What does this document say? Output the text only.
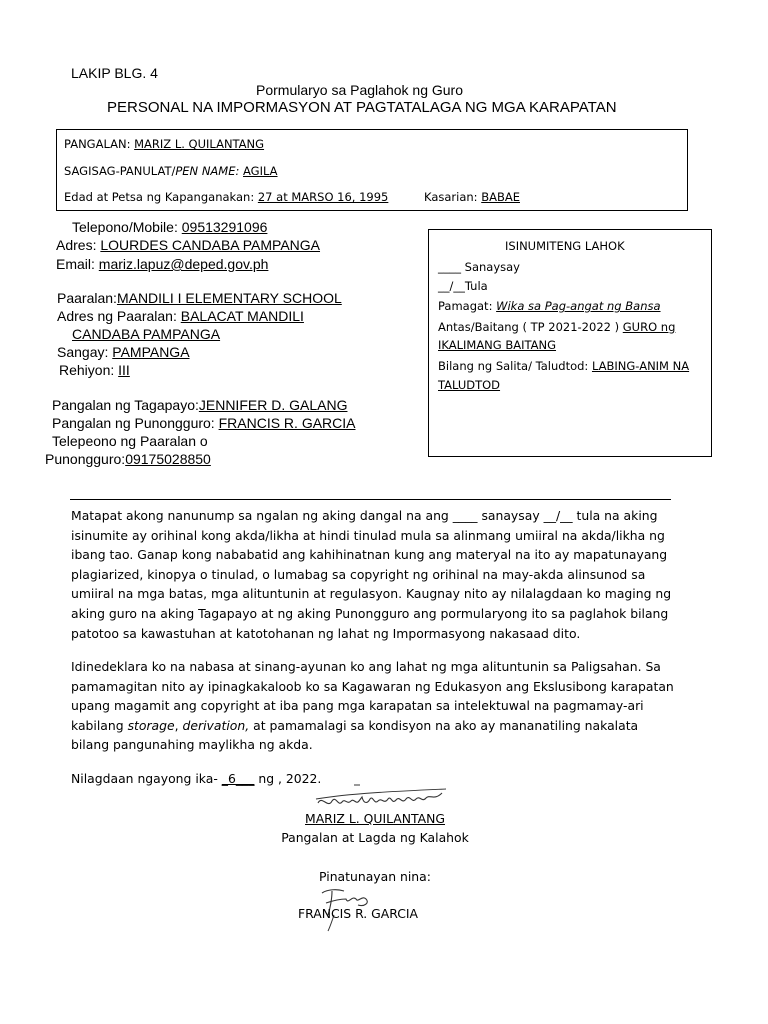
LAKIP BLG. 4
Pormularyo sa Paglahok ng Guro
PERSONAL NA IMPORMASYON AT PAGTATALAGA NG MGA KARAPATAN
PANGALAN: MARIZ L. QUILANTANG
SAGISAG-PANULAT/PEN NAME: AGILA
Edad at Petsa ng Kapanganakan: 27 at MARSO 16, 1995	Kasarian: BABAE
Telepono/Mobile: 09513291096
Adres: LOURDES CANDABA PAMPANGA
Email: mariz.lapuz@deped.gov.ph
Paaralan:MANDILI I ELEMENTARY SCHOOL
Adres ng Paaralan: BALACAT MANDILI
CANDABA PAMPANGA
Sangay: PAMPANGA
Rehiyon: III
Pangalan ng Tagapayo:JENNIFER D. GALANG
Pangalan ng Punongguro: FRANCIS R. GARCIA
Telepeono ng Paaralan o
Punongguro:09175028850
ISINUMITENG LAHOK
____ Sanaysay
__/__Tula
Pamagat: Wika sa Pag-angat ng Bansa
Antas/Baitang ( TP 2021-2022 ) GURO ng
IKALIMANG BAITANG
Bilang ng Salita/ Taludtod: LABING-ANIM NA
TALUDTOD

Matapat akong nanunump sa ngalan ng aking dangal na ang ____ sanaysay __/__ tula na aking

isinumite ay orihinal kong akda/likha at hindi tinulad mula sa alinmang umiiral na akda/likha ng

ibang tao. Ganap kong nababatid ang kahihinatnan kung ang materyal na ito ay mapatunayang

plagiarized, kinopya o tinulad, o lumabag sa copyright ng orihinal na may-akda alinsunod sa

umiiral na mga batas, mga alituntunin at regulasyon. Kaugnay nito ay nilalagdaan ko maging ng

aking guro na aking Tagapayo at ng aking Punongguro ang pormularyong ito sa paglahok bilang

patotoo sa kawastuhan at katotohanan ng lahat ng Impormasyong nakasaad dito.

Idinedeklara ko na nabasa at sinang-ayunan ko ang lahat ng mga alituntunin sa Paligsahan. Sa

pamamagitan nito ay ipinagkakaloob ko sa Kagawaran ng Edukasyon ang Ekslusibong karapatan

upang magamit ang copyright at iba pang mga karapatan sa intelektuwal na pagmamay-ari

kabilang storage, derivation, at pamamalagi sa kondisyon na ako ay mananatiling nakalata

bilang pangunahing maylikha ng akda.

Nilagdaan ngayong ika- _6___ ng , 2022.
MARIZ L. QUILANTANG
Pangalan at Lagda ng Kalahok
Pinatunayan nina:
FRANCIS R. GARCIA
